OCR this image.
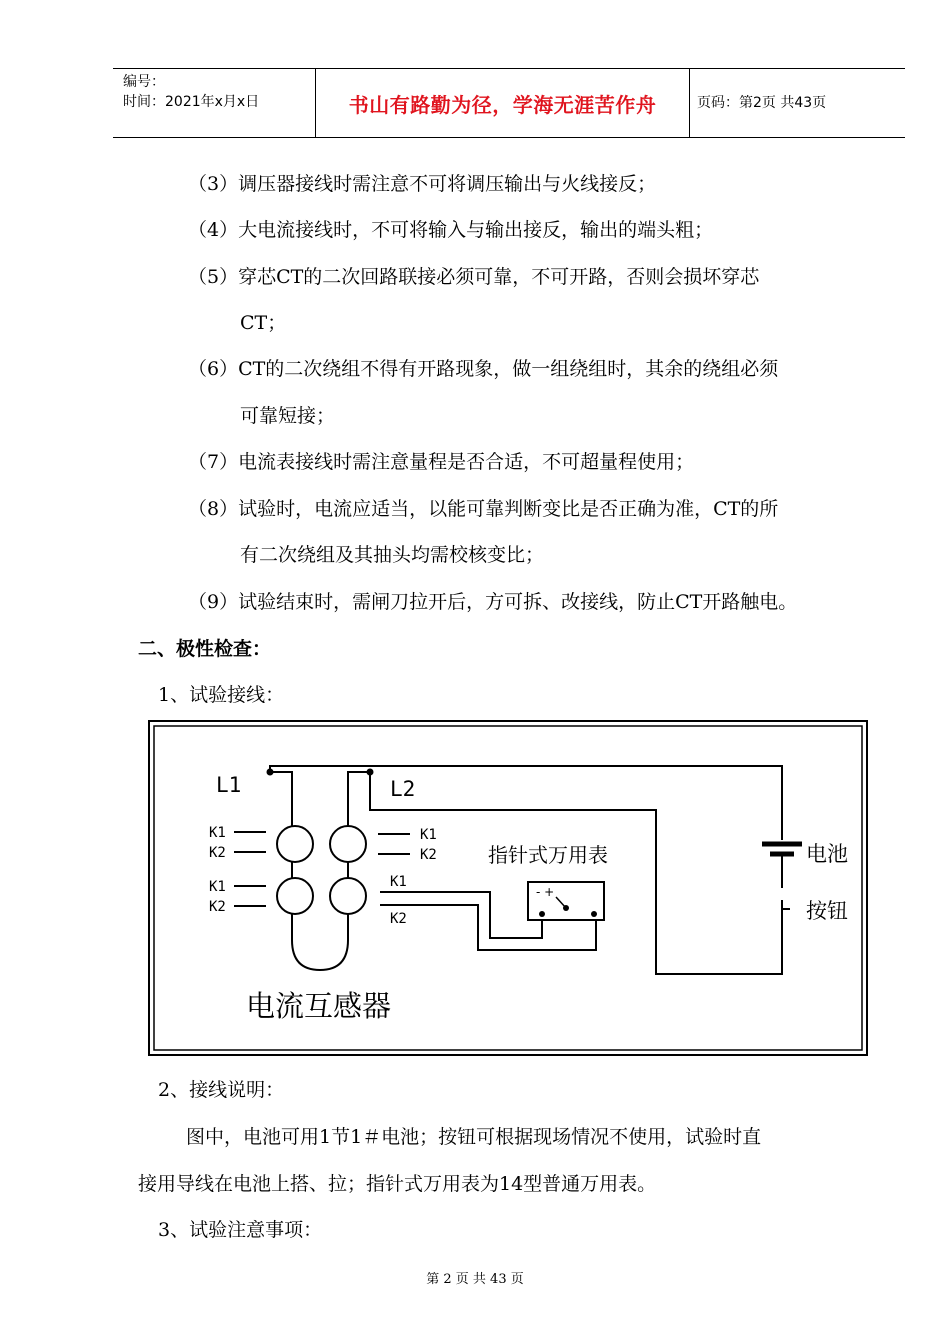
编号：
时间：2021年x月x日	书山有路勤为径，学海无涯苦作舟	页码：第2页 共43页
（3）调压器接线时需注意不可将调压输出与火线接反；
（4）大电流接线时，不可将输入与输出接反，输出的端头粗；
（5）穿芯CT的二次回路联接必须可靠，不可开路，否则会损坏穿芯
CT；
（6）CT的二次绕组不得有开路现象，做一组绕组时，其余的绕组必须
可靠短接；
（7）电流表接线时需注意量程是否合适，不可超量程使用；
（8）试验时，电流应适当，以能可靠判断变比是否正确为准，CT的所
有二次绕组及其抽头均需校核变比；
（9）试验结束时，需闸刀拉开后，方可拆、改接线，防止CT开路触电。
二、极性检查：
1、试验接线：
电池
按钮
K1
K2
K1
K2
K1
K2
K1
K2
- +
指针式万用表
L1	L2
电流互感器
2、接线说明：
图中，电池可用1节1＃电池；按钮可根据现场情况不使用，试验时直
接用导线在电池上搭、拉；指针式万用表为14型普通万用表。
3、试验注意事项：
第 2 页 共 43 页
